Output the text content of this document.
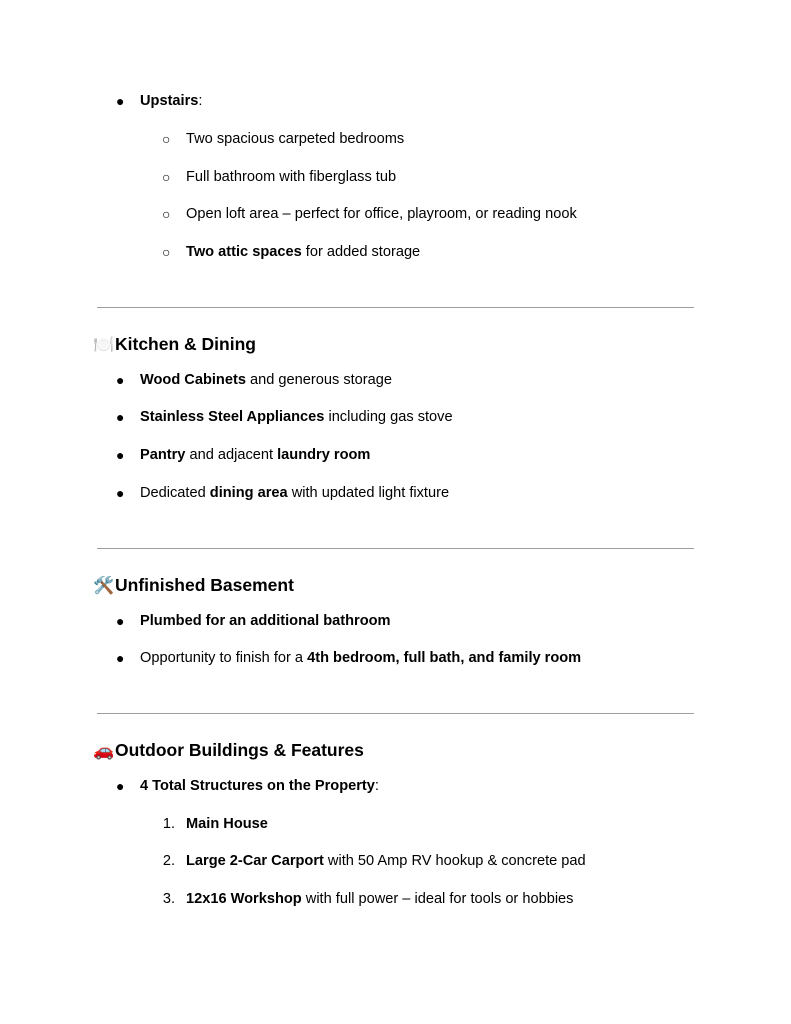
● Upstairs:
○ Two spacious carpeted bedrooms
○ Full bathroom with fiberglass tub
○ Open loft area – perfect for office, playroom, or reading nook
○ Two attic spaces for added storage
🍽️Kitchen & Dining
● Wood Cabinets and generous storage
● Stainless Steel Appliances including gas stove
● Pantry and adjacent laundry room
● Dedicated dining area with updated light fixture
🛠️Unfinished Basement
● Plumbed for an additional bathroom
● Opportunity to finish for a 4th bedroom, full bath, and family room
🚗Outdoor Buildings & Features
● 4 Total Structures on the Property:
1. Main House
2. Large 2-Car Carport with 50 Amp RV hookup & concrete pad
3. 12x16 Workshop with full power – ideal for tools or hobbies
